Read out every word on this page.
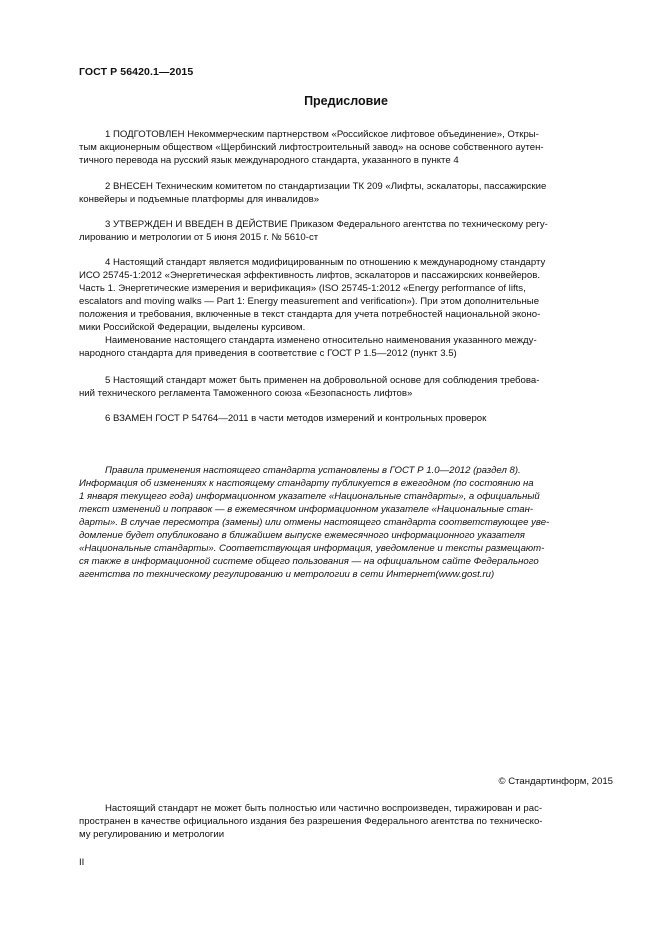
ГОСТ Р 56420.1—2015
Предисловие
1 ПОДГОТОВЛЕН Некоммерческим партнерством «Российское лифтовое объединение», Откры-
тым акционерным обществом «Щербинский лифтостроительный завод» на основе собственного аутен-
тичного перевода на русский язык международного стандарта, указанного в пункте 4
2 ВНЕСЕН Техническим комитетом по стандартизации ТК 209 «Лифты, эскалаторы, пассажирские
конвейеры и подъемные платформы для инвалидов»
3 УТВЕРЖДЕН И ВВЕДЕН В ДЕЙСТВИЕ Приказом Федерального агентства по техническому регу-
лированию и метрологии от 5 июня 2015 г. № 5610-ст
4 Настоящий стандарт является модифицированным по отношению к международному стандарту
ИСО 25745-1:2012 «Энергетическая эффективность лифтов, эскалаторов и пассажирских конвейеров.
Часть 1. Энергетические измерения и верификация» (ISO 25745-1:2012 «Energy performance of lifts,
escalators and moving walks — Part 1: Energy measurement and verification»). При этом дополнительные
положения и требования, включенные в текст стандарта для учета потребностей национальной эконо-
мики Российской Федерации, выделены курсивом.
Наименование настоящего стандарта изменено относительно наименования указанного между-
народного стандарта для приведения в соответствие с ГОСТ Р 1.5—2012 (пункт 3.5)
5 Настоящий стандарт может быть применен на добровольной основе для соблюдения требова-
ний технического регламента Таможенного союза «Безопасность лифтов»
6 ВЗАМЕН ГОСТ Р 54764—2011 в части методов измерений и контрольных проверок
Правила применения настоящего стандарта установлены в ГОСТ Р 1.0—2012 (раздел 8).
Информация об изменениях к настоящему стандарту публикуется в ежегодном (по состоянию на
1 января текущего года) информационном указателе «Национальные стандарты», а официальный
текст изменений и поправок — в ежемесячном информационном указателе «Национальные стан-
дарты». В случае пересмотра (замены) или отмены настоящего стандарта соответствующее уве-
домление будет опубликовано в ближайшем выпуске ежемесячного информационного указателя
«Национальные стандарты». Соответствующая информация, уведомление и тексты размещают-
ся также в информационной системе общего пользования — на официальном сайте Федерального
агентства по техническому регулированию и метрологии в сети Интернет(www.gost.ru)
© Стандартинформ, 2015
Настоящий стандарт не может быть полностью или частично воспроизведен, тиражирован и рас-
пространен в качестве официального издания без разрешения Федерального агентства по техническо-
му регулированию и метрологии
II
